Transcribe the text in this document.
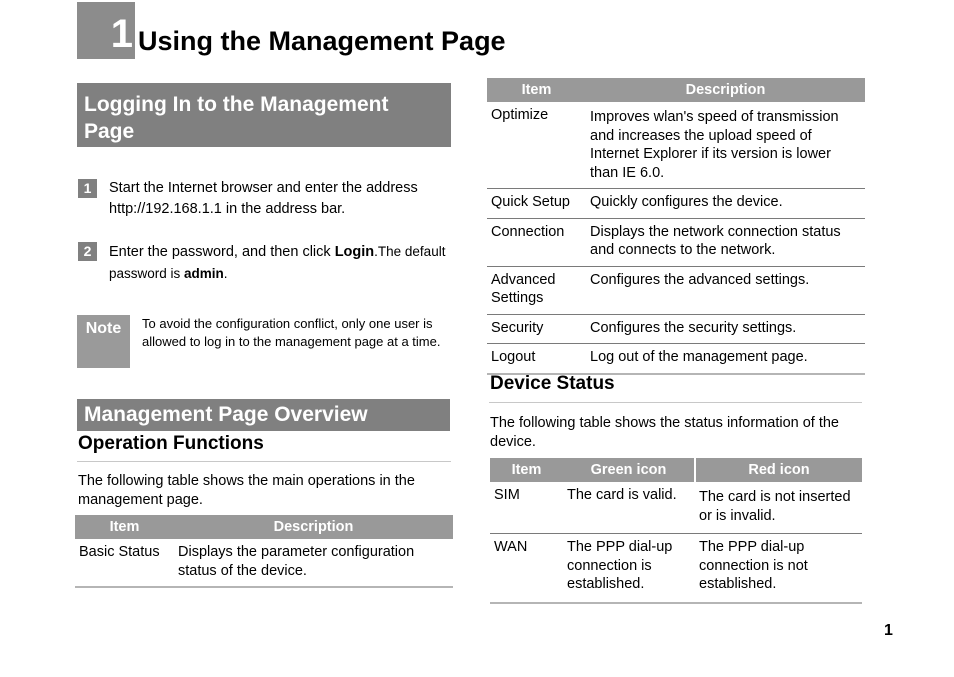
1 Using the Management Page
Logging In to the Management Page
1	Start the Internet browser and enter the address http://192.168.1.1 in the address bar.
2	Enter the password, and then click Login.The default password is admin.
Note	To avoid the configuration conflict, only one user is allowed to log in to the management page at a time.
Management Page Overview
Operation Functions
The following table shows the main operations in the management page.
Item	Description
Basic Status	Displays the parameter configuration status of the device.
Item	Description
Optimize	Improves wlan's speed of transmission and increases the upload speed of Internet Explorer if its version is lower than IE 6.0.
Quick Setup	Quickly configures the device.
Connection	Displays the network connection status and connects to the network.
Advanced Settings	Configures the advanced settings.
Security	Configures the security settings.
Logout	Log out of the management page.
Device Status
The following table shows the status information of the device.
Item	Green icon	Red icon
SIM	The card is valid.	The card is not inserted or is invalid.
WAN	The PPP dial-up connection is established.	The PPP dial-up connection is not established.
1
